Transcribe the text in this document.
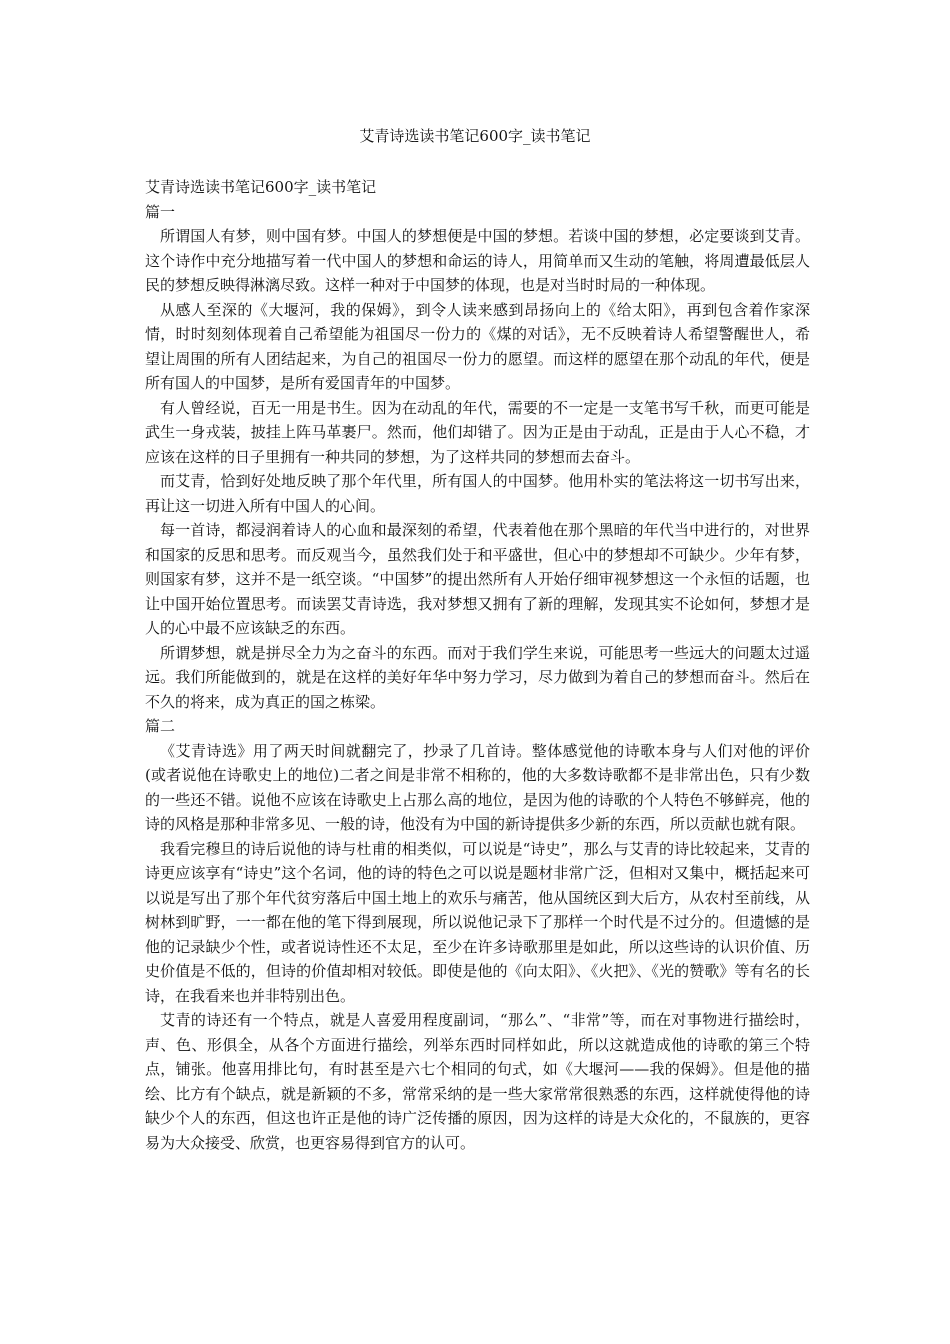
艾青诗选读书笔记600字_读书笔记

艾青诗选读书笔记600字_读书笔记

篇一

所谓国人有梦，则中国有梦。中国人的梦想便是中国的梦想。若谈中国的梦想，必定要谈到艾青。这个诗作中充分地描写着一代中国人的梦想和命运的诗人，用简单而又生动的笔触，将周遭最低层人民的梦想反映得淋漓尽致。这样一种对于中国梦的体现，也是对当时时局的一种体现。

从感人至深的《大堰河，我的保姆》，到令人读来感到昂扬向上的《给太阳》，再到包含着作家深情，时时刻刻体现着自己希望能为祖国尽一份力的《煤的对话》，无不反映着诗人希望警醒世人，希望让周围的所有人团结起来，为自己的祖国尽一份力的愿望。而这样的愿望在那个动乱的年代，便是所有国人的中国梦，是所有爱国青年的中国梦。

有人曾经说，百无一用是书生。因为在动乱的年代，需要的不一定是一支笔书写千秋，而更可能是武生一身戎装，披挂上阵马革裹尸。然而，他们却错了。因为正是由于动乱，正是由于人心不稳，才应该在这样的日子里拥有一种共同的梦想，为了这样共同的梦想而去奋斗。

而艾青，恰到好处地反映了那个年代里，所有国人的中国梦。他用朴实的笔法将这一切书写出来，再让这一切进入所有中国人的心间。

每一首诗，都浸润着诗人的心血和最深刻的希望，代表着他在那个黑暗的年代当中进行的，对世界和国家的反思和思考。而反观当今，虽然我们处于和平盛世，但心中的梦想却不可缺少。少年有梦，则国家有梦，这并不是一纸空谈。“中国梦”的提出然所有人开始仔细审视梦想这一个永恒的话题，也让中国开始位置思考。而读罢艾青诗选，我对梦想又拥有了新的理解，发现其实不论如何，梦想才是人的心中最不应该缺乏的东西。

所谓梦想，就是拼尽全力为之奋斗的东西。而对于我们学生来说，可能思考一些远大的问题太过遥远。我们所能做到的，就是在这样的美好年华中努力学习，尽力做到为着自己的梦想而奋斗。然后在不久的将来，成为真正的国之栋梁。

篇二

《艾青诗选》用了两天时间就翻完了，抄录了几首诗。整体感觉他的诗歌本身与人们对他的评价(或者说他在诗歌史上的地位)二者之间是非常不相称的，他的大多数诗歌都不是非常出色，只有少数的一些还不错。说他不应该在诗歌史上占那么高的地位，是因为他的诗歌的个人特色不够鲜亮，他的诗的风格是那种非常多见、一般的诗，他没有为中国的新诗提供多少新的东西，所以贡献也就有限。

我看完穆旦的诗后说他的诗与杜甫的相类似，可以说是“诗史”，那么与艾青的诗比较起来，艾青的诗更应该享有“诗史”这个名词，他的诗的特色之可以说是题材非常广泛，但相对又集中，概括起来可以说是写出了那个年代贫穷落后中国土地上的欢乐与痛苦，他从国统区到大后方，从农村至前线，从树林到旷野，一一都在他的笔下得到展现，所以说他记录下了那样一个时代是不过分的。但遗憾的是他的记录缺少个性，或者说诗性还不太足，至少在许多诗歌那里是如此，所以这些诗的认识价值、历史价值是不低的，但诗的价值却相对较低。即使是他的《向太阳》、《火把》、《光的赞歌》等有名的长诗，在我看来也并非特别出色。

艾青的诗还有一个特点，就是人喜爱用程度副词，“那么”、“非常”等，而在对事物进行描绘时，声、色、形俱全，从各个方面进行描绘，列举东西时同样如此，所以这就造成他的诗歌的第三个特点，铺张。他喜用排比句，有时甚至是六七个相同的句式，如《大堰河——我的保姆》。但是他的描绘、比方有个缺点，就是新颖的不多，常常采纳的是一些大家常常很熟悉的东西，这样就使得他的诗缺少个人的东西，但这也许正是他的诗广泛传播的原因，因为这样的诗是大众化的，不鼠族的，更容易为大众接受、欣赏，也更容易得到官方的认可。
